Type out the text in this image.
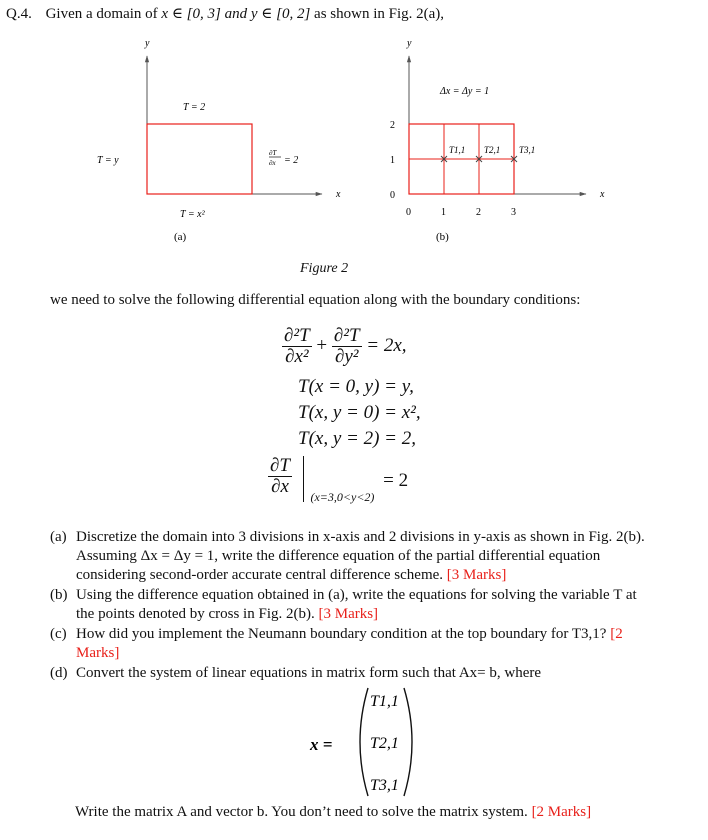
Q.4. Given a domain of x ∈ [0, 3] and y ∈ [0, 2] as shown in Fig. 2(a),
y
x
T = 2
T = y
∂T
∂x = 2
T = x²
(a)
y
x
Δx = Δy = 1
2
1
0
0	1	2	3
T1,1 T2,1 T3,1
(b)
Figure 2
we need to solve the following differential equation along with the boundary conditions:
$\frac{\text{∂²T}}{\text{∂x²}} + \frac{\text{∂²T}}{\text{∂y²}} = 2x$,
T(x = 0, y) = y,
T(x, y = 0) = x²,
T(x, y = 2) = 2,
$\frac{\partial T}{\partial x} (x=3,0<y<2) = 2$
(a) Discretize the domain into 3 divisions in x-axis and 2 divisions in y-axis as shown in Fig. 2(b). Assuming Δx = Δy = 1, write the difference equation of the partial differential equation considering second-order accurate central difference scheme. [3 Marks]
(b) Using the difference equation obtained in (a), write the equations for solving the variable T at the points denoted by cross in Fig. 2(b). [3 Marks]
(c) How did you implement the Neumann boundary condition at the top boundary for T3,1? [2 Marks]
(d) Convert the system of linear equations in matrix form such that Ax= b, where
x =
T1,1
T2,1
T3,1
Write the matrix A and vector b. You don’t need to solve the matrix system. [2 Marks]
